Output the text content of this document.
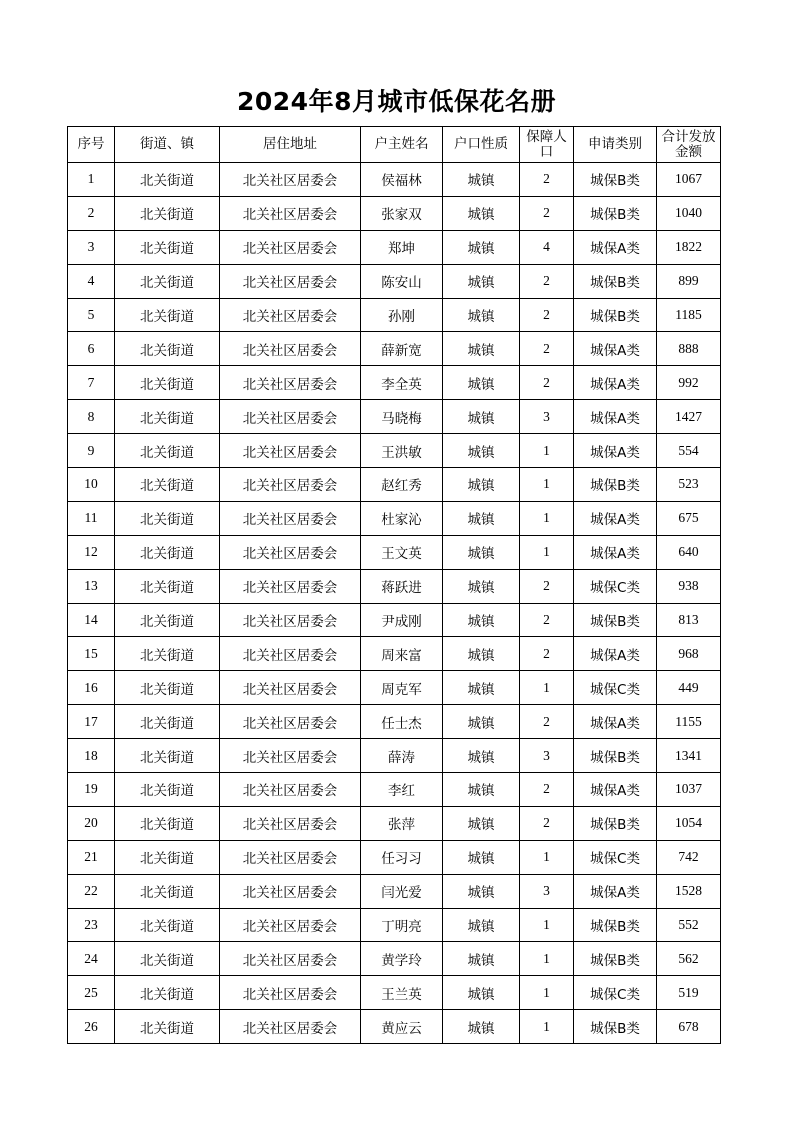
2024年8月城市低保花名册
序号	街道、镇	居住地址	户主姓名	户口性质	保障人口	申请类别	合计发放金额
1	北关街道	北关社区居委会	侯福林	城镇	2	城保B类	1067
2	北关街道	北关社区居委会	张家双	城镇	2	城保B类	1040
3	北关街道	北关社区居委会	郑坤	城镇	4	城保A类	1822
4	北关街道	北关社区居委会	陈安山	城镇	2	城保B类	899
5	北关街道	北关社区居委会	孙刚	城镇	2	城保B类	1185
6	北关街道	北关社区居委会	薛新宽	城镇	2	城保A类	888
7	北关街道	北关社区居委会	李全英	城镇	2	城保A类	992
8	北关街道	北关社区居委会	马晓梅	城镇	3	城保A类	1427
9	北关街道	北关社区居委会	王洪敏	城镇	1	城保A类	554
10	北关街道	北关社区居委会	赵红秀	城镇	1	城保B类	523
11	北关街道	北关社区居委会	杜家沁	城镇	1	城保A类	675
12	北关街道	北关社区居委会	王文英	城镇	1	城保A类	640
13	北关街道	北关社区居委会	蒋跃进	城镇	2	城保C类	938
14	北关街道	北关社区居委会	尹成刚	城镇	2	城保B类	813
15	北关街道	北关社区居委会	周来富	城镇	2	城保A类	968
16	北关街道	北关社区居委会	周克军	城镇	1	城保C类	449
17	北关街道	北关社区居委会	任士杰	城镇	2	城保A类	1155
18	北关街道	北关社区居委会	薛涛	城镇	3	城保B类	1341
19	北关街道	北关社区居委会	李红	城镇	2	城保A类	1037
20	北关街道	北关社区居委会	张萍	城镇	2	城保B类	1054
21	北关街道	北关社区居委会	任习习	城镇	1	城保C类	742
22	北关街道	北关社区居委会	闫光爱	城镇	3	城保A类	1528
23	北关街道	北关社区居委会	丁明亮	城镇	1	城保B类	552
24	北关街道	北关社区居委会	黄学玲	城镇	1	城保B类	562
25	北关街道	北关社区居委会	王兰英	城镇	1	城保C类	519
26	北关街道	北关社区居委会	黄应云	城镇	1	城保B类	678
